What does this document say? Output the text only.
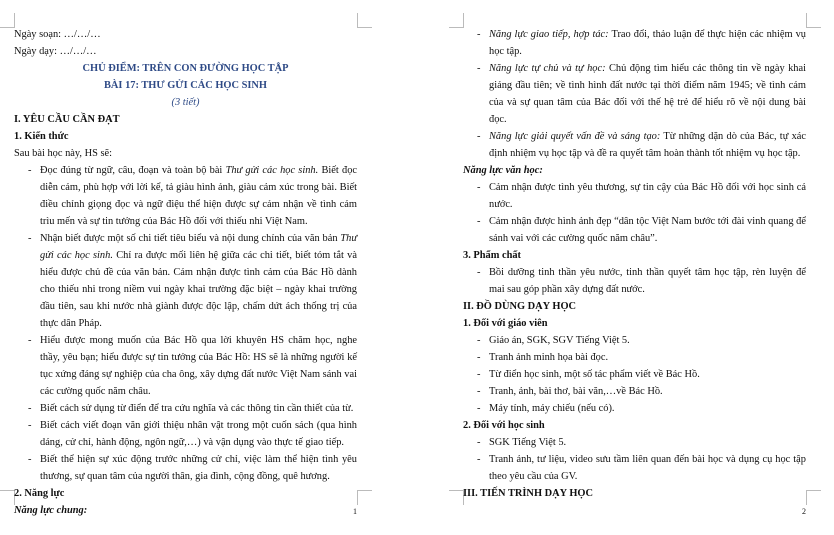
Ngày soạn: …/…/…

Ngày dạy: …/…/…

CHỦ ĐIỂM: TRÊN CON ĐƯỜNG HỌC TẬP

BÀI 17: THƯ GỬI CÁC HỌC SINH

(3 tiết)

I. YÊU CẦU CẦN ĐẠT

1. Kiến thức

Sau bài học này, HS sẽ:

- Đọc đúng từ ngữ, câu, đoạn và toàn bộ bài Thư gửi các học sinh. Biết đọc diễn cảm, phù hợp với lời kể, tả giàu hình ảnh, giàu cảm xúc trong bài. Biết điều chỉnh giọng đọc và ngữ điệu thể hiện được sự cảm nhận về tình cảm trìu mến và sự tin tưởng của Bác Hồ đối với thiếu nhi Việt Nam.
- Nhận biết được một số chi tiết tiêu biểu và nội dung chính của văn bản Thư gửi các học sinh. Chỉ ra được mối liên hệ giữa các chi tiết, biết tóm tắt và hiểu được chủ đề của văn bản. Cảm nhận được tình cảm của Bác Hồ dành cho thiếu nhi trong niềm vui ngày khai trường đặc biệt – ngày khai trường đầu tiên, sau khi nước nhà giành được độc lập, chấm dứt ách thống trị của thực dân Pháp.
- Hiểu được mong muốn của Bác Hồ qua lời khuyên HS chăm học, nghe thầy, yêu bạn; hiểu được sự tin tưởng của Bác Hồ: HS sẽ là những người kế tục xứng đáng sự nghiệp của cha ông, xây dựng đất nước Việt Nam sánh vai các cường quốc năm châu.
- Biết cách sử dụng từ điển để tra cứu nghĩa và các thông tin cần thiết của từ.
- Biết cách viết đoạn văn giới thiệu nhân vật trong một cuốn sách (qua hình dáng, cử chỉ, hành động, ngôn ngữ,…) và vận dụng vào thực tế giao tiếp.
- Biết thể hiện sự xúc động trước những cử chỉ, việc làm thể hiện tình yêu thương, sự quan tâm của người thân, gia đình, cộng đồng, quê hương.

2. Năng lực

Năng lực chung:	1
- Năng lực giao tiếp, hợp tác: Trao đổi, thảo luận để thực hiện các nhiệm vụ học tập.
- Năng lực tự chủ và tự học: Chủ động tìm hiểu các thông tin về ngày khai giảng đầu tiên; về tình hình đất nước tại thời điểm năm 1945; về tình cảm của và sự quan tâm của Bác đối với thế hệ trẻ để hiểu rõ về nội dung bài đọc.
- Năng lực giải quyết vấn đề và sáng tạo: Từ những dặn dò của Bác, tự xác định nhiệm vụ học tập và đề ra quyết tâm hoàn thành tốt nhiệm vụ học tập.

Năng lực văn học:

- Cảm nhận được tình yêu thương, sự tin cậy của Bác Hồ đối với học sinh cả nước.
- Cảm nhận được hình ảnh đẹp “dân tộc Việt Nam bước tới đài vinh quang để sánh vai với các cường quốc năm châu”.

3. Phẩm chất

- Bồi dưỡng tinh thần yêu nước, tinh thần quyết tâm học tập, rèn luyện để mai sau góp phần xây dựng đất nước.

II. ĐỒ DÙNG DẠY HỌC

1. Đối với giáo viên

- Giáo án, SGK, SGV Tiếng Việt 5.
- Tranh ảnh minh họa bài đọc.
- Từ điển học sinh, một số tác phẩm viết về Bác Hồ.
- Tranh, ảnh, bài thơ, bài văn,…về Bác Hồ.
- Máy tính, máy chiếu (nếu có).

2. Đối với học sinh

- SGK Tiếng Việt 5.
- Tranh ảnh, tư liệu, video sưu tầm liên quan đến bài học và dụng cụ học tập theo yêu cầu của GV.

III. TIẾN TRÌNH DẠY HỌC

2
